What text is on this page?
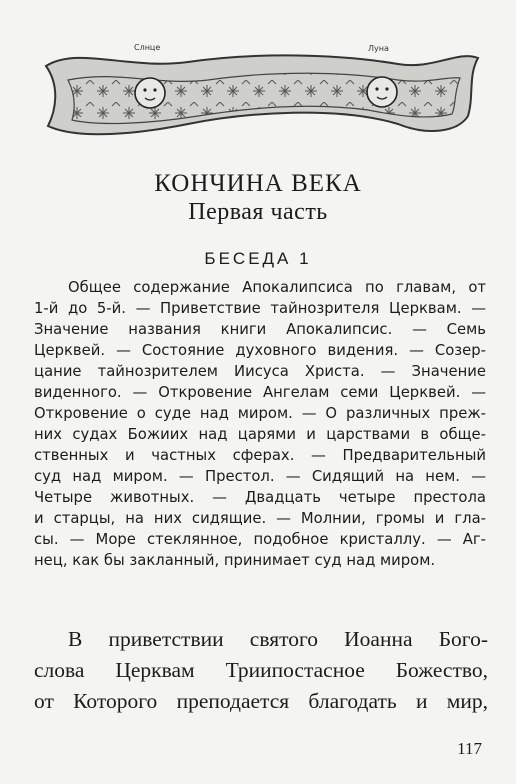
Слнце	Луна
КОНЧИНА ВЕКА
Первая часть
БЕСЕДА 1
Общее содержание Апокалипсиса по главам, от
1-й до 5-й. — Приветствие тайнозрителя Церквам. —
Значение названия книги Апокалипсис. — Семь
Церквей. — Состояние духовного видения. — Созер-
цание тайнозрителем Иисуса Христа. — Значение
виденного. — Откровение Ангелам семи Церквей. —
Откровение о суде над миром. — О различных преж-
них судах Божиих над царями и царствами в обще-
ственных и частных сферах. — Предварительный
суд над миром. — Престол. — Сидящий на нем. —
Четыре животных. — Двадцать четыре престола
и старцы, на них сидящие. — Молнии, громы и гла-
сы. — Море стеклянное, подобное кристаллу. — Аг-
нец, как бы закланный, принимает суд над миром.
В приветствии святого Иоанна Бого-
слова Церквам Триипостасное Божество,
от Которого преподается благодать и мир,
117
